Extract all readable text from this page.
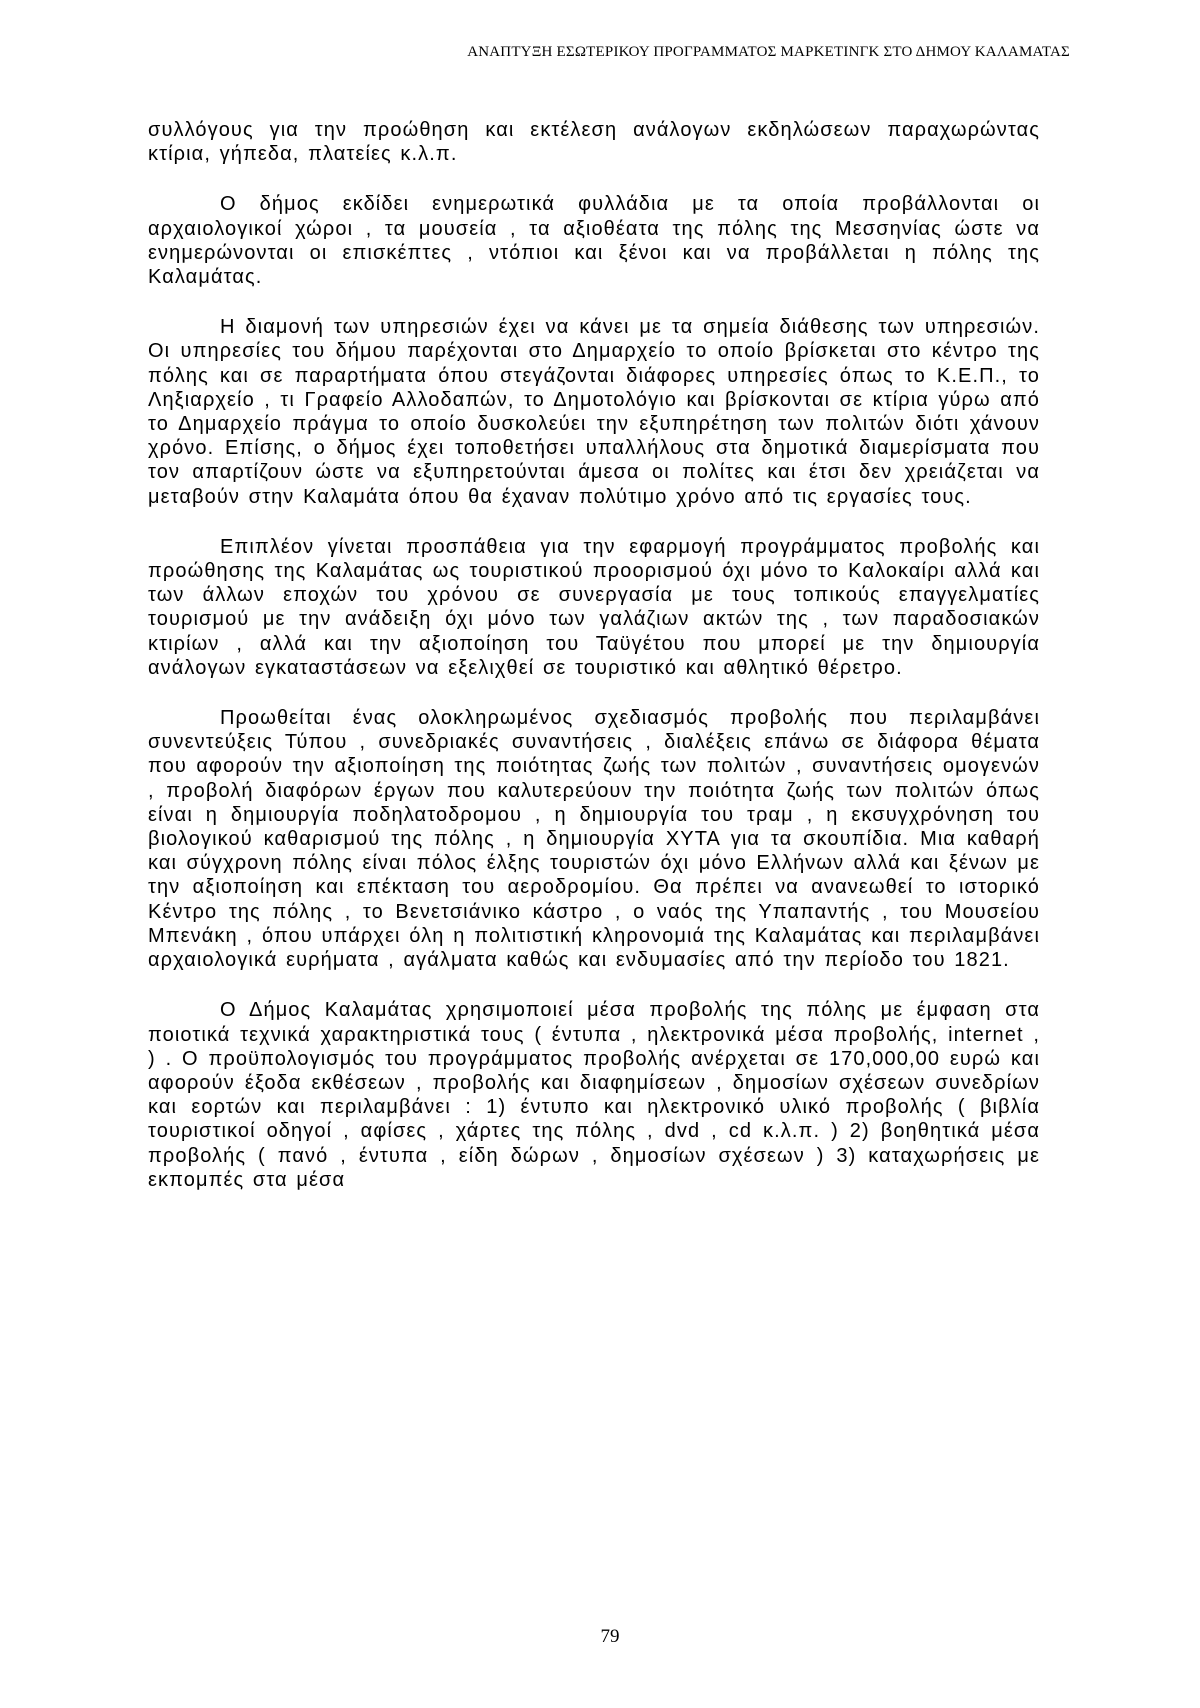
ΑΝΑΠΤΥΞΗ ΕΣΩΤΕΡΙΚΟΥ ΠΡΟΓΡΑΜΜΑΤΟΣ ΜΑΡΚΕΤΙΝΓΚ ΣΤΟ ΔΗΜΟΥ ΚΑΛΑΜΑΤΑΣ

συλλόγους για την προώθηση και εκτέλεση ανάλογων εκδηλώσεων παραχωρώντας κτίρια, γήπεδα, πλατείες κ.λ.π.

Ο δήμος εκδίδει ενημερωτικά φυλλάδια με τα οποία προβάλλονται οι αρχαιολογικοί χώροι , τα μουσεία , τα αξιοθέατα της πόλης της Μεσσηνίας ώστε να ενημερώνονται οι επισκέπτες , ντόπιοι και ξένοι και να προβάλλεται η πόλης της Καλαμάτας.

Η διαμονή των υπηρεσιών έχει να κάνει με τα σημεία διάθεσης των υπηρεσιών. Οι υπηρεσίες του δήμου παρέχονται στο Δημαρχείο το οποίο βρίσκεται στο κέντρο της πόλης και σε παραρτήματα όπου στεγάζονται διάφορες υπηρεσίες όπως το Κ.Ε.Π., το Ληξιαρχείο , τι Γραφείο Αλλοδαπών, το Δημοτολόγιο και βρίσκονται σε κτίρια γύρω από το Δημαρχείο πράγμα το οποίο δυσκολεύει την εξυπηρέτηση των πολιτών διότι χάνουν χρόνο. Επίσης, ο δήμος έχει τοποθετήσει υπαλλήλους στα δημοτικά διαμερίσματα που τον απαρτίζουν ώστε να εξυπηρετούνται άμεσα οι πολίτες και έτσι δεν χρειάζεται να μεταβούν στην Καλαμάτα όπου θα έχαναν πολύτιμο χρόνο από τις εργασίες τους.

Επιπλέον γίνεται προσπάθεια για την εφαρμογή προγράμματος προβολής και προώθησης της Καλαμάτας ως τουριστικού προορισμού όχι μόνο το Καλοκαίρι αλλά και των άλλων εποχών του χρόνου σε συνεργασία με τους τοπικούς επαγγελματίες τουρισμού με την ανάδειξη όχι μόνο των γαλάζιων ακτών της , των παραδοσιακών κτιρίων , αλλά και την αξιοποίηση του Ταϋγέτου που μπορεί με την δημιουργία ανάλογων εγκαταστάσεων να εξελιχθεί σε τουριστικό και αθλητικό θέρετρο.

Προωθείται ένας ολοκληρωμένος σχεδιασμός προβολής που περιλαμβάνει συνεντεύξεις Τύπου , συνεδριακές συναντήσεις , διαλέξεις επάνω σε διάφορα θέματα που αφορούν την αξιοποίηση της ποιότητας ζωής των πολιτών , συναντήσεις ομογενών , προβολή διαφόρων έργων που καλυτερεύουν την ποιότητα ζωής των πολιτών όπως είναι η δημιουργία ποδηλατοδρομου , η δημιουργία του τραμ , η εκσυγχρόνηση του βιολογικού καθαρισμού της πόλης , η δημιουργία ΧΥΤΑ για τα σκουπίδια. Μια καθαρή και σύγχρονη πόλης είναι πόλος έλξης τουριστών όχι μόνο Ελλήνων αλλά και ξένων με την αξιοποίηση και επέκταση του αεροδρομίου. Θα πρέπει να ανανεωθεί το ιστορικό Κέντρο της πόλης , το Βενετσιάνικο κάστρο , ο ναός της Υπαπαντής , του Μουσείου Μπενάκη , όπου υπάρχει όλη η πολιτιστική κληρονομιά της Καλαμάτας και περιλαμβάνει αρχαιολογικά ευρήματα , αγάλματα καθώς και ενδυμασίες από την περίοδο του 1821.

Ο Δήμος Καλαμάτας χρησιμοποιεί μέσα προβολής της πόλης με έμφαση στα ποιοτικά τεχνικά χαρακτηριστικά τους ( έντυπα , ηλεκτρονικά μέσα προβολής, internet , ) . Ο προϋπολογισμός του προγράμματος προβολής ανέρχεται σε 170,000,00 ευρώ και αφορούν έξοδα εκθέσεων , προβολής και διαφημίσεων , δημοσίων σχέσεων συνεδρίων και εορτών και περιλαμβάνει : 1) έντυπο και ηλεκτρονικό υλικό προβολής ( βιβλία τουριστικοί οδηγοί , αφίσες , χάρτες της πόλης , dvd , cd κ.λ.π. ) 2) βοηθητικά μέσα προβολής ( πανό , έντυπα , είδη δώρων , δημοσίων σχέσεων ) 3) καταχωρήσεις με εκπομπές στα μέσα

79
